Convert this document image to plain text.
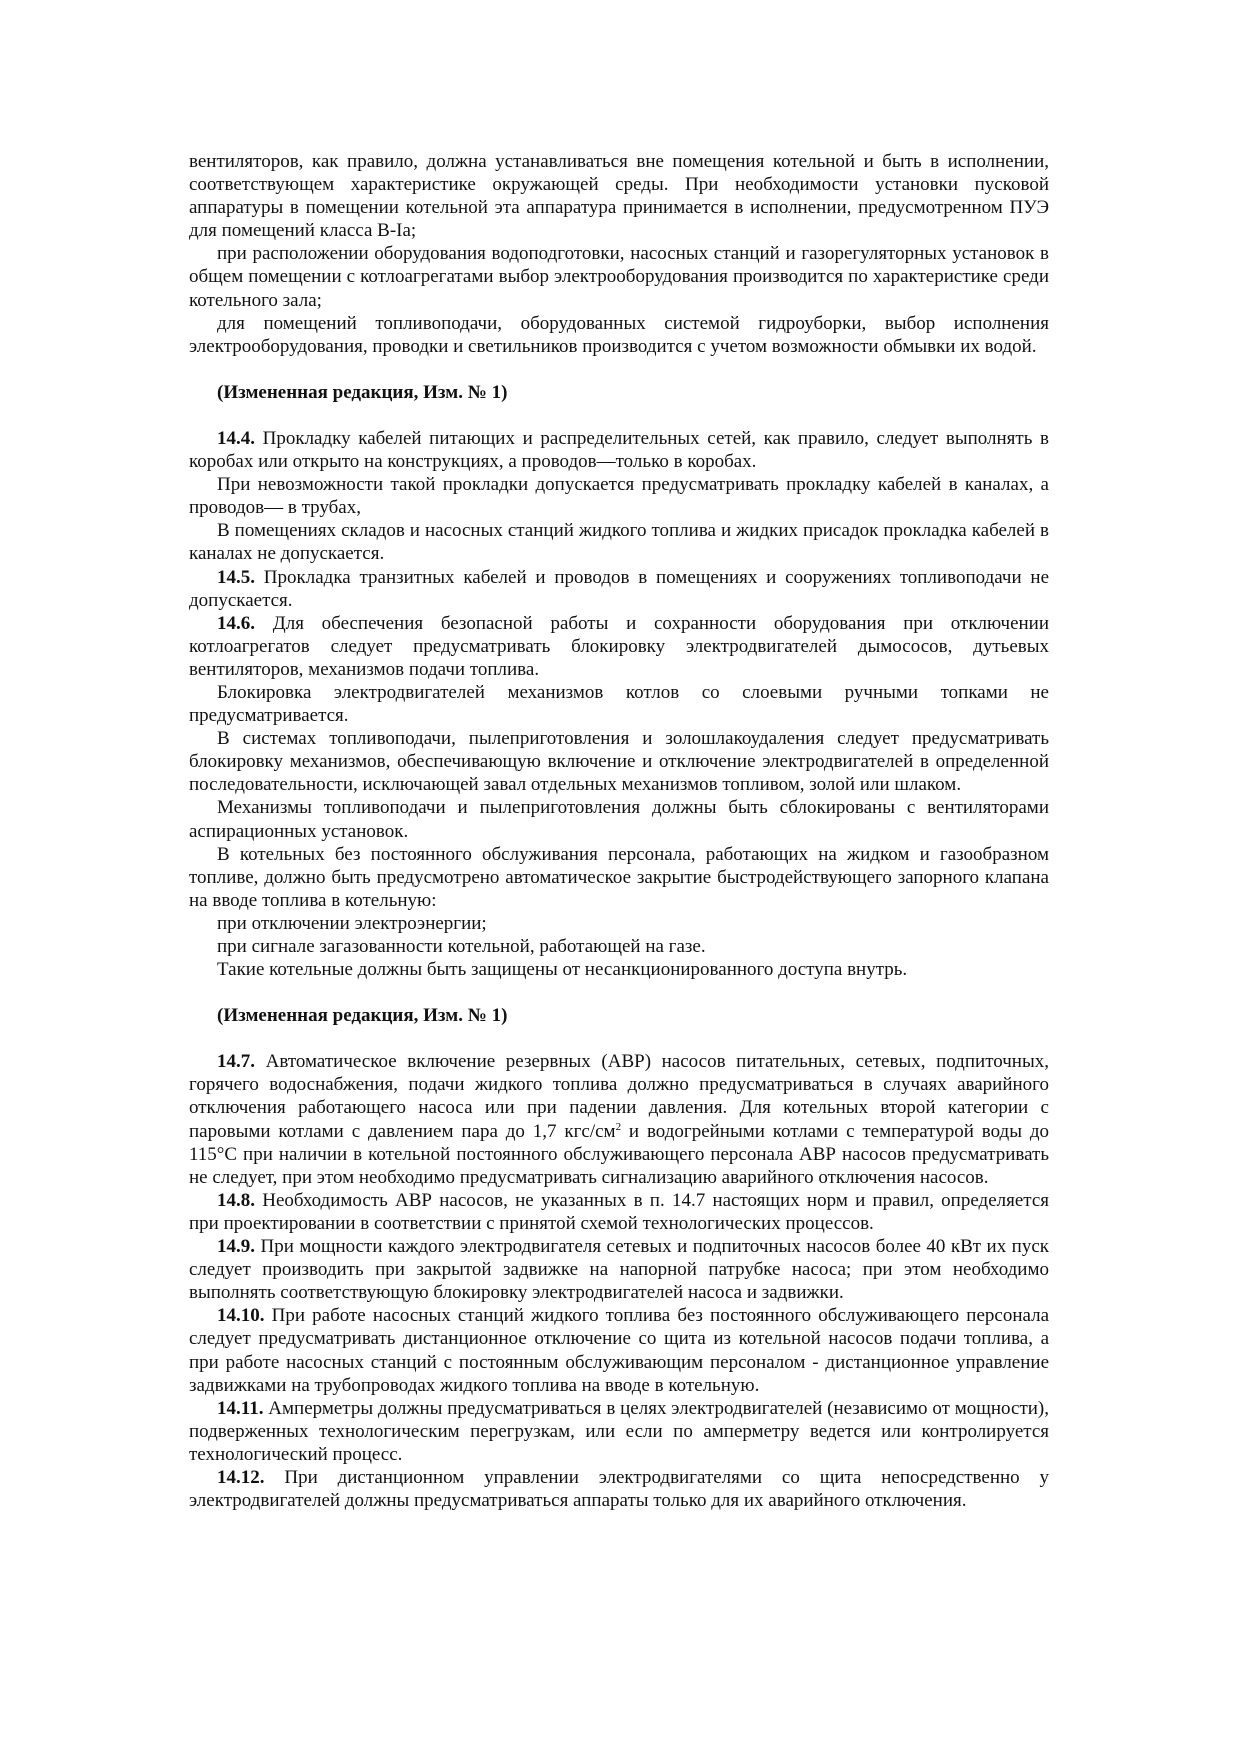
вентиляторов, как правило, должна устанавливаться вне помещения котельной и быть в исполнении, соответствующем характеристике окружающей среды. При необходимости установки пусковой аппаратуры в помещении котельной эта аппаратура принимается в исполнении, предусмотренном ПУЭ для помещений класса В-Iа;

при расположении оборудования водоподготовки, насосных станций и газорегуляторных установок в общем помещении с котлоагрегатами выбор электрооборудования производится по характеристике среди котельного зала;

для помещений топливоподачи, оборудованных системой гидроуборки, выбор исполнения электрооборудования, проводки и светильников производится с учетом возможности обмывки их водой.

(Измененная редакция, Изм. № 1)

14.4. Прокладку кабелей питающих и распределительных сетей, как правило, следует выполнять в коробах или открыто на конструкциях, а проводов—только в коробах.

При невозможности такой прокладки допускается предусматривать прокладку кабелей в каналах, а проводов— в трубах,

В помещениях складов и насосных станций жидкого топлива и жидких присадок прокладка кабелей в каналах не допускается.

14.5. Прокладка транзитных кабелей и проводов в помещениях и сооружениях топливоподачи не допускается.

14.6. Для обеспечения безопасной работы и сохранности оборудования при отключении котлоагрегатов следует предусматривать блокировку электродвигателей дымососов, дутьевых вентиляторов, механизмов подачи топлива.

Блокировка электродвигателей механизмов котлов со слоевыми ручными топками не предусматривается.

В системах топливоподачи, пылеприготовления и золошлакоудаления следует предусматривать блокировку механизмов, обеспечивающую включение и отключение электродвигателей в определенной последовательности, исключающей завал отдельных механизмов топливом, золой или шлаком.

Механизмы топливоподачи и пылеприготовления должны быть сблокированы с вентиляторами аспирационных установок.

В котельных без постоянного обслуживания персонала, работающих на жидком и газообразном топливе, должно быть предусмотрено автоматическое закрытие быстродействующего запорного клапана на вводе топлива в котельную:

при отключении электроэнергии;

при сигнале загазованности котельной, работающей на газе.

Такие котельные должны быть защищены от несанкционированного доступа внутрь.

(Измененная редакция, Изм. № 1)

14.7. Автоматическое включение резервных (АВР) насосов питательных, сетевых, подпиточных, горячего водоснабжения, подачи жидкого топлива должно предусматриваться в случаях аварийного отключения работающего насоса или при падении давления. Для котельных второй категории с паровыми котлами с давлением пара до 1,7 кгс/$см^2$ и водогрейными котлами с температурой воды до 115°С при наличии в котельной постоянного обслуживающего персонала АВР насосов предусматривать не следует, при этом необходимо предусматривать сигнализацию аварийного отключения насосов.

14.8. Необходимость АВР насосов, не указанных в п. 14.7 настоящих норм и правил, определяется при проектировании в соответствии с принятой схемой технологических процессов.

14.9. При мощности каждого электродвигателя сетевых и подпиточных насосов более 40 кВт их пуск следует производить при закрытой задвижке на напорной патрубке насоса; при этом необходимо выполнять соответствующую блокировку электродвигателей насоса и задвижки.

14.10. При работе насосных станций жидкого топлива без постоянного обслуживающего персонала следует предусматривать дистанционное отключение со щита из котельной насосов подачи топлива, а при работе насосных станций с постоянным обслуживающим персоналом - дистанционное управление задвижками на трубопроводах жидкого топлива на вводе в котельную.

14.11. Амперметры должны предусматриваться в целях электродвигателей (независимо от мощности), подверженных технологическим перегрузкам, или если по амперметру ведется или контролируется технологический процесс.

14.12. При дистанционном управлении электродвигателями со щита непосредственно у электродвигателей должны предусматриваться аппараты только для их аварийного отключения.
